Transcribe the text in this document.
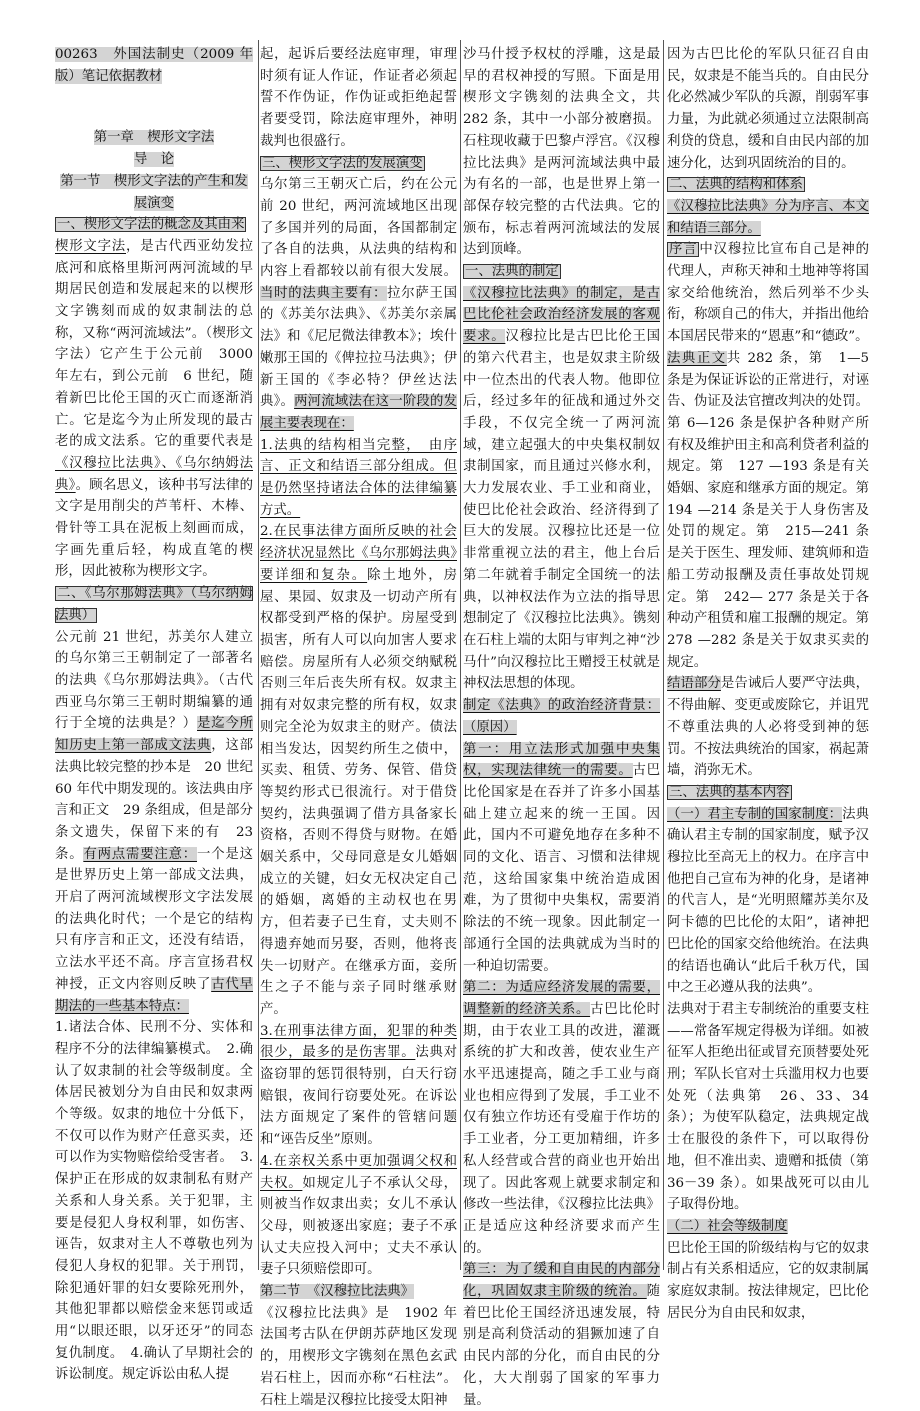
00263　外国法制史（2009 年版）笔记依据教材

第一章　楔形文字法

导　论

第一节　楔形文字法的产生和发展演变

一、楔形文字法的概念及其由来

楔形文字法，是古代西亚幼发拉底河和底格里斯河两河流域的早期居民创造和发展起来的以楔形文字镌刻而成的奴隶制法的总称，又称“两河流域法”。（楔形文字法）它产生于公元前　3000 年左右，到公元前　6 世纪，随着新巴比伦王国的灭亡而逐渐消亡。它是迄今为止所发现的最古老的成文法系。它的重要代表是《汉穆拉比法典》、《乌尔纳姆法典》。顾名思义，该种书写法律的文字是用削尖的芦苇杆、木棒、骨针等工具在泥板上刻画而成，字画先重后轻，构成直笔的楔形，因此被称为楔形文字。

二、《乌尔那姆法典》（乌尔纳姆法典）

公元前 21 世纪，苏美尔人建立的乌尔第三王朝制定了一部著名的法典《乌尔那姆法典》。（古代西亚乌尔第三王朝时期编纂的通行于全境的法典是？）是迄今所知历史上第一部成文法典，这部法典比较完整的抄本是　20 世纪 60 年代中期发现的。该法典由序言和正文　29 条组成，但是部分条文遗失，保留下来的有　23 条。有两点需要注意：一个是这是世界历史上第一部成文法典，开启了两河流域楔形文字法发展的法典化时代；一个是它的结构只有序言和正文，还没有结语，立法水平还不高。序言宣扬君权神授，正文内容则反映了古代早期法的一些基本特点：

1.诸法合体、民刑不分、实体和程序不分的法律编纂模式。　2.确认了奴隶制的社会等级制度。全体居民被划分为自由民和奴隶两个等级。奴隶的地位十分低下，不仅可以作为财产任意买卖，还可以作为实物赔偿给受害者。　3.保护正在形成的奴隶制私有财产关系和人身关系。关于犯罪，主要是侵犯人身权利罪，如伤害、诬告，奴隶对主人不尊敬也列为侵犯人身权的犯罪。关于刑罚，除犯通奸罪的妇女要除死刑外，其他犯罪都以赔偿金来惩罚或适用“以眼还眼，以牙还牙”的同态复仇制度。　4.确认了早期社会的诉讼制度。规定诉讼由私人提

起，起诉后要经法庭审理，审理时须有证人作证，作证者必须起誓不作伪证，作伪证或拒绝起誓者要受罚，除法庭审理外，神明裁判也很盛行。

三、楔形文字法的发展演变

乌尔第三王朝灭亡后，约在公元前 20 世纪，两河流域地区出现了多国并列的局面，各国都制定了各自的法典，从法典的结构和内容上看都较以前有很大发展。当时的法典主要有：拉尔萨王国的《苏美尔法典》、《苏美尔亲属法》和《尼尼微法律教本》；埃什嫩那王国的《俾拉拉马法典》；伊新王国的《李必特？伊丝达法典》。两河流域法在这一阶段的发展主要表现在：

1.法典的结构相当完整，　由序言、正文和结语三部分组成。但是仍然坚持诸法合体的法律编纂方式。

2.在民事法律方面所反映的社会经济状况显然比《乌尔那姆法典》要详细和复杂。除土地外，房屋、果园、奴隶及一切动产所有权都受到严格的保护。房屋受到损害，所有人可以向加害人要求赔偿。房屋所有人必须交纳赋税否则三年后丧失所有权。奴隶主拥有对奴隶完整的所有权，奴隶则完全沦为奴隶主的财产。债法相当发达，因契约所生之债中，买卖、租赁、劳务、保管、借贷等契约形式已很流行。对于借贷契约，法典强调了借方具备家长资格，否则不得贷与财物。在婚姻关系中，父母同意是女儿婚姻成立的关键，妇女无权决定自己的婚姻，离婚的主动权也在男方，但若妻子已生育，丈夫则不得遗弃她而另娶，否则，他将丧失一切财产。在继承方面，妾所生之子不能与亲子同时继承财产。

3.在刑事法律方面，犯罪的种类很少，最多的是伤害罪。法典对盗窃罪的惩罚很特别，白天行窃赔银，夜间行窃要处死。在诉讼法方面规定了案件的管辖问题和“诬告反坐”原则。

4.在亲权关系中更加强调父权和夫权。如规定儿子不承认父母，则被当作奴隶出卖；女儿不承认父母，则被逐出家庭；妻子不承认丈夫应投入河中；丈夫不承认妻子只须赔偿即可。

第二节　《汉穆拉比法典》

《汉穆拉比法典》是　1902 年法国考古队在伊朗苏萨地区发现的，用楔形文字镌刻在黑色玄武岩石柱上，因而亦称“石柱法”。石柱上端是汉穆拉比接受太阳神

沙马什授予权杖的浮雕，这是最早的君权神授的写照。下面是用楔形文字镌刻的法典全文，共 282 条，其中一小部分被磨损。石柱现收藏于巴黎卢浮宫。《汉穆拉比法典》是两河流域法典中最为有名的一部，也是世界上第一部保存较完整的古代法典。它的颁布，标志着两河流域法的发展达到顶峰。

一、法典的制定

《汉穆拉比法典》的制定，是古巴比伦社会政治经济发展的客观要求。汉穆拉比是古巴比伦王国的第六代君主，也是奴隶主阶级中一位杰出的代表人物。他即位后，经过多年的征战和通过外交手段，不仅完全统一了两河流域，建立起强大的中央集权制奴隶制国家，而且通过兴修水利，大力发展农业、手工业和商业，使巴比伦社会政治、经济得到了巨大的发展。汉穆拉比还是一位非常重视立法的君主，他上台后第二年就着手制定全国统一的法典，以神权法作为立法的指导思想制定了《汉穆拉比法典》。镌刻在石柱上端的太阳与审判之神“沙马什”向汉穆拉比王赠授王杖就是神权法思想的体现。

制定《法典》的政治经济背景：（原因）

第一：用立法形式加强中央集权，实现法律统一的需要。古巴比伦国家是在吞并了许多小国基础上建立起来的统一王国。因此，国内不可避免地存在多种不同的文化、语言、习惯和法律规范，这给国家集中统治造成困难，为了贯彻中央集权，需要消除法的不统一现象。因此制定一部通行全国的法典就成为当时的一种迫切需要。

第二：为适应经济发展的需要，调整新的经济关系。古巴比伦时期，由于农业工具的改进，灌溉系统的扩大和改善，使农业生产水平迅速提高，随之手工业与商业也相应得到了发展，手工业不仅有独立作坊还有受雇于作坊的手工业者，分工更加精细，许多私人经营或合营的商业也开始出现了。因此客观上就要求制定和修改一些法律，《汉穆拉比法典》正是适应这种经济要求而产生的。

第三：为了缓和自由民的内部分化，巩固奴隶主阶级的统治。随着巴比伦王国经济迅速发展，特别是高利贷活动的猖獗加速了自由民内部的分化，而自由民的分化，大大削弱了国家的军事力量。

因为古巴比伦的军队只征召自由民，奴隶是不能当兵的。自由民分化必然减少军队的兵源，削弱军事力量，为此就必须通过立法限制高利贷的贷息，缓和自由民内部的加速分化，达到巩固统治的目的。

二、法典的结构和体系

《汉穆拉比法典》分为序言、本文和结语三部分。

序言 中汉穆拉比宣布自己是神的代理人，声称天神和土地神等将国家交给他统治，然后列举不少头衔，称颂自己的伟大，并指出他给本国居民带来的“恩惠”和“德政”。

法典正文共 282 条，第　1—5 条是为保证诉讼的正常进行，对诬告、伪证及法官擅改判决的处罚。第 6—126 条是保护各种财产所有权及维护田主和高利贷者利益的规定。第　127 —193 条是有关婚姻、家庭和继承方面的规定。第 194 —214 条是关于人身伤害及处罚的规定。第　215—241 条是关于医生、理发师、建筑师和造船工劳动报酬及责任事故处罚规定。第　242— 277 条是关于各种动产租赁和雇工报酬的规定。第 278 —282 条是关于奴隶买卖的规定。

结语部分是告诫后人要严守法典，不得曲解、变更或废除它，并诅咒不尊重法典的人必将受到神的惩罚。不按法典统治的国家，祸起萧墙，消弥无术。

三、法典的基本内容

（一）君主专制的国家制度：法典确认君主专制的国家制度，赋予汉穆拉比至高无上的权力。在序言中他把自己宣布为神的化身，是诸神的代言人，是“光明照耀苏美尔及阿卡德的巴比伦的太阳”，诸神把巴比伦的国家交给他统治。在法典的结语也确认“此后千秋万代，国中之王必遵从我的法典”。

法典对于君主专制统治的重要支柱——常备军规定得极为详细。如被征军人拒绝出征或冒充顶替要处死刑；军队长官对士兵滥用权力也要处死（法典第　26、33、34 条）；为使军队稳定，法典规定战士在服役的条件下，可以取得份地，但不准出卖、遗赠和抵债（第　36－39 条）。如果战死可以由儿子取得份地。

（二）社会等级制度

巴比伦王国的阶级结构与它的奴隶制占有关系相适应，它的奴隶制属家庭奴隶制。按法律规定，巴比伦居民分为自由民和奴隶，
